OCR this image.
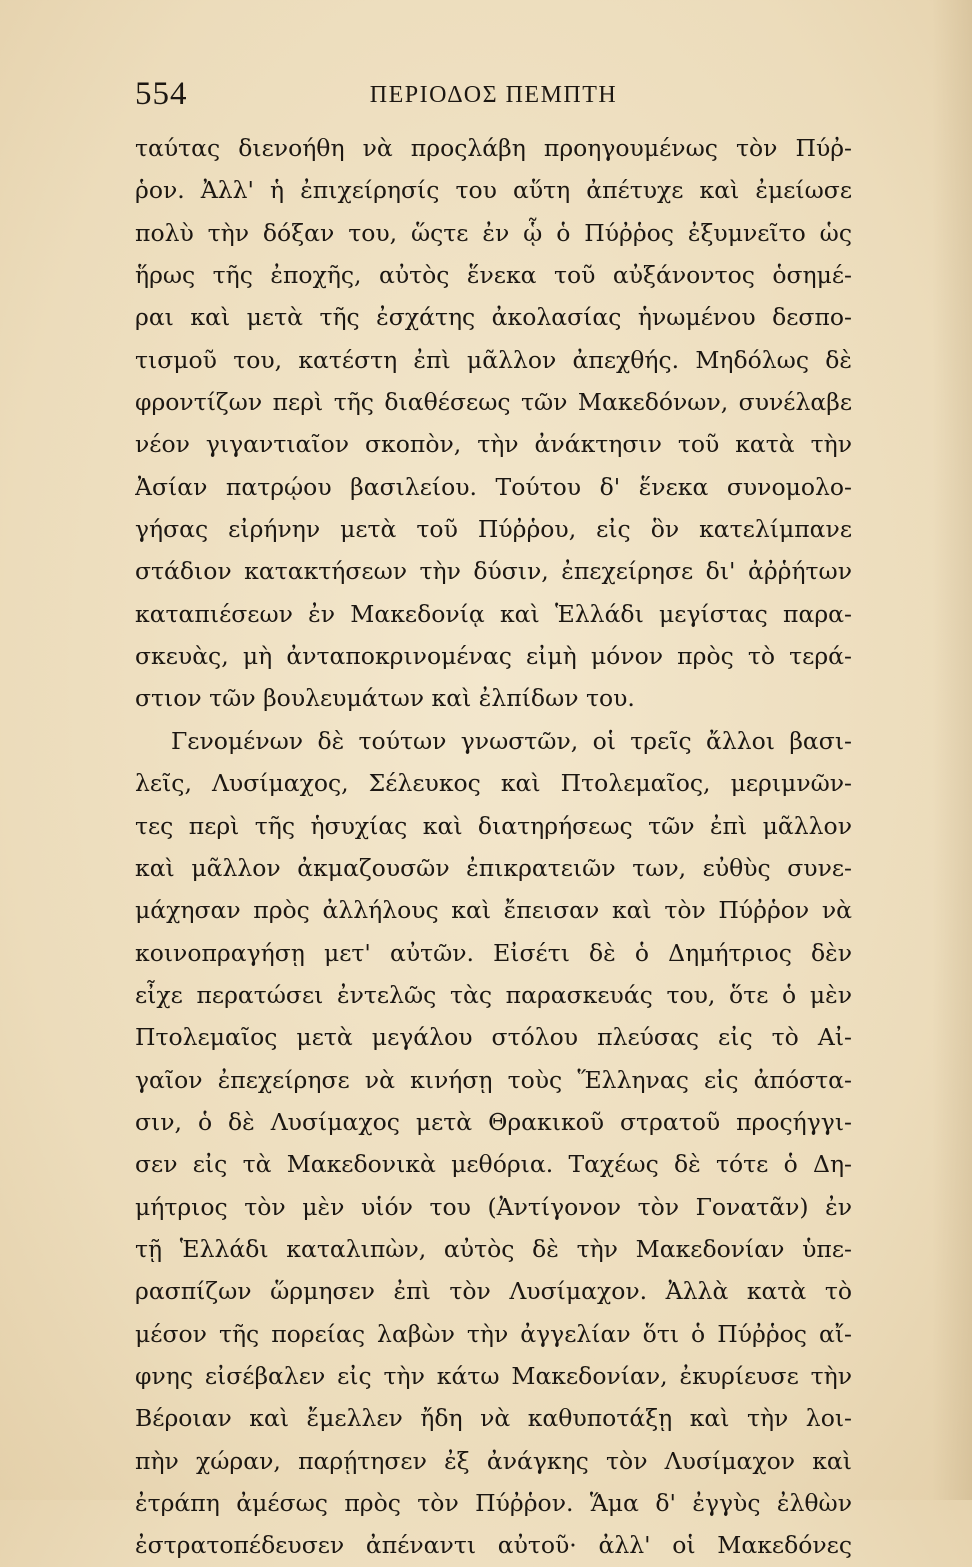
554	ΠΕΡΙΟΔΟΣ ΠΕΜΠΤΗ
ταύτας διενοήθη νὰ προςλάβη προηγουμένως τὸν Πύῤ-
ῥον. Ἀλλ' ἡ ἐπιχείρησίς του αὕτη ἀπέτυχε καὶ ἐμείωσε
πολὺ τὴν δόξαν του, ὥςτε ἐν ᾧ ὁ Πύῤῥος ἐξυμνεῖτο ὡς
ἥρως τῆς ἐποχῆς, αὐτὸς ἕνεκα τοῦ αὐξάνοντος ὁσημέ-
ραι καὶ μετὰ τῆς ἐσχάτης ἀκολασίας ἡνωμένου δεσπο-
τισμοῦ του, κατέστη ἐπὶ μᾶλλον ἀπεχθής. Μηδόλως δὲ
φροντίζων περὶ τῆς διαθέσεως τῶν Μακεδόνων, συνέλαβε
νέον γιγαντιαῖον σκοπὸν, τὴν ἀνάκτησιν τοῦ κατὰ τὴν
Ἀσίαν πατρῴου βασιλείου. Τούτου δ' ἕνεκα συνομολο-
γήσας εἰρήνην μετὰ τοῦ Πύῤῥου, εἰς ὃν κατελίμπανε
στάδιον κατακτήσεων τὴν δύσιν, ἐπεχείρησε δι' ἀῤῥήτων
καταπιέσεων ἐν Μακεδονίᾳ καὶ Ἑλλάδι μεγίστας παρα-
σκευὰς, μὴ ἀνταποκρινομένας εἰμὴ μόνον πρὸς τὸ τερά-
στιον τῶν βουλευμάτων καὶ ἐλπίδων του.
Γενομένων δὲ τούτων γνωστῶν, οἱ τρεῖς ἄλλοι βασι-
λεῖς, Λυσίμαχος, Σέλευκος καὶ Πτολεμαῖος, μεριμνῶν-
τες περὶ τῆς ἡσυχίας καὶ διατηρήσεως τῶν ἐπὶ μᾶλλον
καὶ μᾶλλον ἀκμαζουσῶν ἐπικρατειῶν των, εὐθὺς συνε-
μάχησαν πρὸς ἀλλήλους καὶ ἔπεισαν καὶ τὸν Πύῤῥον νὰ
κοινοπραγήσῃ μετ' αὐτῶν. Εἰσέτι δὲ ὁ Δημήτριος δὲν
εἶχε περατώσει ἐντελῶς τὰς παρασκευάς του, ὅτε ὁ μὲν
Πτολεμαῖος μετὰ μεγάλου στόλου πλεύσας εἰς τὸ Αἰ-
γαῖον ἐπεχείρησε νὰ κινήσῃ τοὺς Ἕλληνας εἰς ἀπόστα-
σιν, ὁ δὲ Λυσίμαχος μετὰ Θρακικοῦ στρατοῦ προςήγγι-
σεν εἰς τὰ Μακεδονικὰ μεθόρια. Ταχέως δὲ τότε ὁ Δη-
μήτριος τὸν μὲν υἱόν του (Ἀντίγονον τὸν Γονατᾶν) ἐν
τῇ Ἑλλάδι καταλιπὼν, αὐτὸς δὲ τὴν Μακεδονίαν ὑπε-
ρασπίζων ὥρμησεν ἐπὶ τὸν Λυσίμαχον. Ἀλλὰ κατὰ τὸ
μέσον τῆς πορείας λαβὼν τὴν ἀγγελίαν ὅτι ὁ Πύῤῥος αἴ-
φνης εἰσέβαλεν εἰς τὴν κάτω Μακεδονίαν, ἐκυρίευσε τὴν
Βέροιαν καὶ ἔμελλεν ἤδη νὰ καθυποτάξῃ καὶ τὴν λοι-
πὴν χώραν, παρῄτησεν ἐξ ἀνάγκης τὸν Λυσίμαχον καὶ
ἐτράπη ἀμέσως πρὸς τὸν Πύῤῥον. Ἅμα δ' ἐγγὺς ἐλθὼν
ἐστρατοπέδευσεν ἀπέναντι αὐτοῦ· ἀλλ' οἱ Μακεδόνες
